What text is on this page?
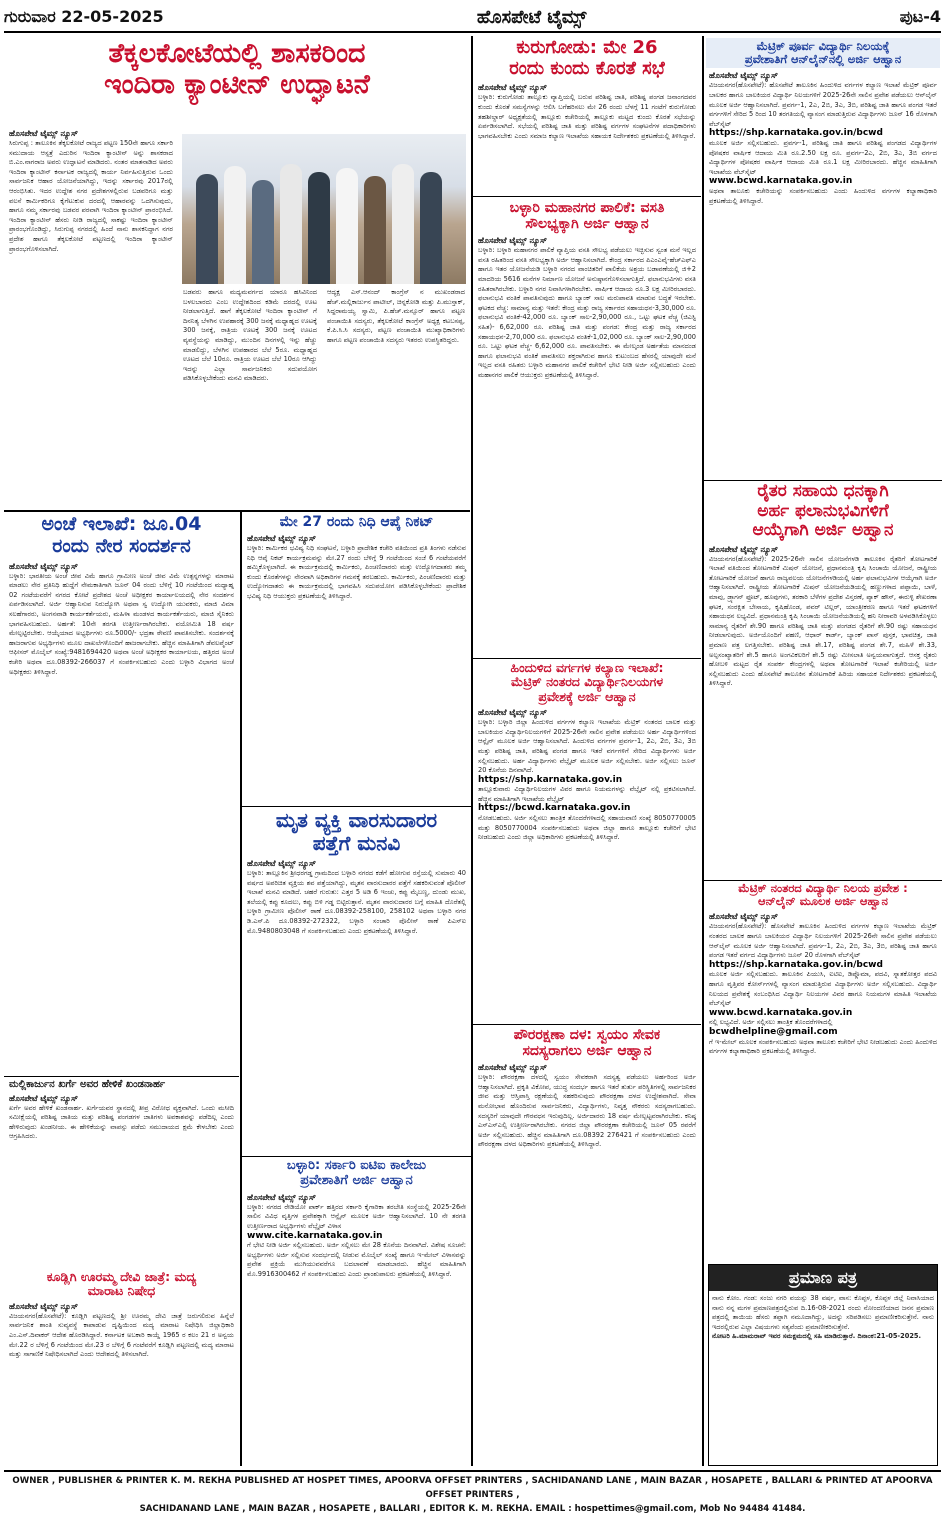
ಗುರುವಾರ 22-05-2025	ಹೊಸಪೇಟೆ ಟೈಮ್ಸ್	ಪುಟ-4
ತೆಕ್ಕಲಕೋಟೆಯಲ್ಲಿ ಶಾಸಕರಿಂದ
ಇಂದಿರಾ ಕ್ಯಾಂಟೀನ್ ಉದ್ಘಾಟನೆ
ಹೊಸಪೇಟೆ ಟೈಮ್ಸ್ ನ್ಯೂಸ್
ಸಿರುಗುಪ್ಪ : ತಾಲೂಕಿನ ತೆಕ್ಕಲಕೋಟೆ ರಾಜ್ಯದ ಪಟ್ಟಣ 150ನೇ ಹಾಗೂ ಸರ್ಕಾರಿ ಸಮುದಾಯ ಆಸ್ಪತ್ರೆ ಎದುರಿನ ಇಂದಿರಾ ಕ್ಯಾಂಟೀನ್ ಅನ್ನು ಶಾಸಕರಾದ ಬಿ.ಎಂ.ನಾಗರಾಜ ಅವರು ಉದ್ಘಾಟನೆ ಮಾಡಿದರು. ನಂತರ ಮಾತನಾಡಿದ ಅವರು ಇಂದಿರಾ ಕ್ಯಾಂಟೀನ್ ಕರ್ನಾಟಕ ರಾಜ್ಯದಲ್ಲಿ ಕಾರ್ಯ ನಿರ್ವಹಿಸುತ್ತಿರುವ ಒಂದು ಸಾರ್ವಜನಿಕ ಆಹಾರ ಯೋಜನೆಯಾಗಿದ್ದು, ಇದನ್ನು ಸರ್ಕಾರವು 2017ರಲ್ಲಿ ಆರಂಭಿಸಿತು. ಇದರ ಉದ್ದೇಶ ನಗರ ಪ್ರದೇಶಗಳಲ್ಲಿರುವ ಬಡವರಿಗೂ ಮತ್ತು ವಲಸೆ ಕಾರ್ಮಿಕರಿಗೂ ಕೈಗೆಟುಕುವ ದರದಲ್ಲಿ ಆಹಾರವನ್ನು ಒದಗಿಸುವುದು, ಹಾಗೂ ನಮ್ಮ ಸರ್ಕಾರವು ಬಡವರ ಪರವಾಗಿ ಇಂದಿರಾ ಕ್ಯಾಂಟೀನ್ ಪ್ರಾರಂಭಿಸಿದೆ. ಇಂದಿರಾ ಕ್ಯಾಂಟೀನ್ ಹೆಸರು ನೀಡಿ ರಾಜ್ಯದಲ್ಲಿ ಸಾಕಷ್ಟು ಇಂದಿರಾ ಕ್ಯಾಂಟೀನ್ ಪ್ರಾರಂಭಗೊಂಡಿದ್ದು, ಸಿರುಗುಪ್ಪ ನಗರದಲ್ಲಿ ಹಿಂದೆ ನಾನು ಶಾಸಕನಿದ್ದಾಗ ನಗರ ಪ್ರದೇಶ ಹಾಗೂ ತೆಕ್ಕಲಕೋಟೆ ಪಟ್ಟಣದಲ್ಲಿ ಇಂದಿರಾ ಕ್ಯಾಂಟೀನ್ ಪ್ರಾರಂಭಗೊಳಿಸಲಾಗಿದೆ.
ಬಡವರು ಹಾಗೂ ಮಧ್ಯಮವರ್ಗದ ಯಾರೂ ಹಸಿವಿನಿಂದ ಬಳಲಬಾರದು ಎಂಬ ಉದ್ದೇಶದಿಂದ ಕಡಿಮೆ ದರದಲ್ಲಿ ಊಟ ನೀಡಲಾಗುತ್ತಿದೆ. ಹಾಗೆ ತೆಕ್ಕಲಕೋಟೆ ಇಂದಿರಾ ಕ್ಯಾಂಟೀನ್ ಗೆ ದಿನನಿತ್ಯ ಬೆಳಗಿನ ಉಪಹಾರಕ್ಕೆ 300 ಜನಕ್ಕೆ ಮಧ್ಯಾಹ್ನದ ಊಟಕ್ಕೆ 300 ಜನಕ್ಕೆ, ರಾತ್ರಿಯ ಊಟಕ್ಕೆ 300 ಜನಕ್ಕೆ ಊಟದ ವ್ಯವಸ್ಥೆಯನ್ನು ಮಾಡಿದ್ದು, ಮುಂದಿನ ದಿನಗಳಲ್ಲಿ ಇನ್ನು ಹೆಚ್ಚು ಮಾಡಲಿದ್ದು, ಬೆಳಗಿನ ಉಪಹಾರದ ಬೆಲೆ 5ರೂ. ಮಧ್ಯಾಹ್ನದ ಊಟದ ಬೆಲೆ 10ರೂ. ರಾತ್ರಿಯ ಊಟದ ಬೆಲೆ 10ರೂ ಆಗಿದ್ದು ಇದನ್ನು ಎಲ್ಲಾ ಸಾರ್ವಜನಿಕರು ಸದುಪಯೋಗ ಪಡಿಸಿಕೊಳ್ಳಬೇಕೆಂದು ಮನವಿ ಮಾಡಿದರು.
ಆದ್ಯಕ್ಷ ಎಸ್.ಆನಂದ್ ಕಾಂಗ್ರೆಸ್ ನ ಮುಖಂಡರಾದ ಹೆಚ್.ಮಲ್ಲಿಕಾರ್ಜುನ ಪಾಟೀಲ್, ಚಿನ್ನಕೋಡಿ ಮತ್ತು ಪಿ.ಮುಸ್ತಾಕ್, ಸಿದ್ದರಾಮಯ್ಯ ಸ್ವಾಮಿ, ಪಿ.ಹೆಚ್.ಮನ್ಸೂರ್ ಹಾಗೂ ಪಟ್ಟಣ ಪಂಚಾಯಿತಿ ಸದಸ್ಯರು, ತೆಕ್ಕಲಕೋಟೆ ಕಾಂಗ್ರೆಸ್ ಅಧ್ಯಕ್ಷ ಕಟಬಸಪ್ಪ, ಕೆ.ಪಿ.ಸಿ.ಸಿ ಸದಸ್ಯರು, ಪಟ್ಟಣ ಪಂಚಾಯಿತಿ ಮುಖ್ಯಾಧಿಕಾರಿಗಳು ಹಾಗೂ ಪಟ್ಟಣ ಪಂಚಾಯಿತಿ ಸದಸ್ಯರು ಇತರರು ಉಪಸ್ಥಿತರಿದ್ದರು.
ಕುರುಗೋಡು: ಮೇ 26
ರಂದು ಕುಂದು ಕೊರತೆ ಸಭೆ
ಹೊಸಪೇಟೆ ಟೈಮ್ಸ್ ನ್ಯೂಸ್
ಬಳ್ಳಾರಿ: ಕುರುಗೋಡು ತಾಲ್ಲೂಕು ವ್ಯಾಪ್ತಿಯಲ್ಲಿ ಬರುವ ಪರಿಶಿಷ್ಟ ಜಾತಿ, ಪರಿಶಿಷ್ಟ ಪಂಗಡ ಜನಾಂಗದವರ ಕುಂದು ಕೊರತೆ ಸಮಸ್ಯೆಗಳನ್ನು ಆಲಿಸಿ ಬಗೆಹರಿಸಲು ಮೇ 26 ರಂದು ಬೆಳಗ್ಗೆ 11 ಗಂಟೆಗೆ ಕುರುಗೋಡು ತಹಶೀಲ್ದಾರ್ ಅಧ್ಯಕ್ಷತೆಯಲ್ಲಿ ತಾಲ್ಲೂಕು ಕಚೇರಿಯಲ್ಲಿ ತಾಲ್ಲೂಕು ಮಟ್ಟದ ಕುಂದು ಕೊರತೆ ಸಭೆಯನ್ನು ಏರ್ಪಡಿಸಲಾಗಿದೆ. ಸಭೆಯಲ್ಲಿ ಪರಿಶಿಷ್ಟ ಜಾತಿ ಮತ್ತು ಪರಿಶಿಷ್ಟ ವರ್ಗಗಳ ಸಂಘಟನೆಗಳ ಪದಾಧಿಕಾರಿಗಳು ಭಾಗವಹಿಸಬೇಕು ಎಂದು ಸಮಾಜ ಕಲ್ಯಾಣ ಇಲಾಖೆಯ ಸಹಾಯಕ ನಿರ್ದೇಶಕರು ಪ್ರಕಟಣೆಯಲ್ಲಿ ತಿಳಿಸಿದ್ದಾರೆ.
ಬಳ್ಳಾರಿ ಮಹಾನಗರ ಪಾಲಿಕೆ: ವಸತಿ
ಸೌಲಭ್ಯಕ್ಕಾಗಿ ಅರ್ಜಿ ಆಹ್ವಾನ
ಹೊಸಪೇಟೆ ಟೈಮ್ಸ್ ನ್ಯೂಸ್
ಬಳ್ಳಾರಿ: ಬಳ್ಳಾರಿ ಮಹಾನಗರ ಪಾಲಿಕೆ ವ್ಯಾಪ್ತಿಯ ವಸತಿ ಸೌಲಭ್ಯ ಪಡೆಯಲು ಇಚ್ಛಿಸುವ ಸ್ವಂತ ಮನೆ ಇಲ್ಲದ ವಸತಿ ರಹಿತರಿಂದ ವಸತಿ ಸೌಲಭ್ಯಕ್ಕಾಗಿ ಅರ್ಜಿ ಆಹ್ವಾನಿಸಲಾಗಿದೆ. ಕೇಂದ್ರ ಸರ್ಕಾರದ ಪಿಎಂಎವೈ-ಹೆಚ್ಎಫ್ಎ ಹಾಗೂ ಇತರ ಯೋಜನೆಯಡಿ ಬಳ್ಳಾರಿ ನಗರದ ವಾಂಚಿತರಿಗೆ ಪಾಲಿಕೆಯ ಅಶ್ರಯ ಬಡಾವಣೆಯಲ್ಲಿ ಜಿ+2 ಮಾದರಿಯ 5616 ಮನೆಗಳ ನಿರ್ಮಾಣ ಯೋಜನೆ ಅನುಷ್ಠಾನಗೊಳಿಸಲಾಗುತ್ತಿದೆ. ಫಲಾನುಭವಿಗಳು ವಸತಿ ರಹಿತರಾಗಿರಬೇಕು. ಬಳ್ಳಾರಿ ನಗರ ನಿವಾಸಿಗಳಾಗಿರಬೇಕು. ವಾರ್ಷಿಕ ಆದಾಯ ರೂ.3 ಲಕ್ಷ ಮೀರಿರಬಾರದು. ಫಲಾನುಭವಿ ವಂತಿಕೆ ಪಾವತಿಸುವುದು ಹಾಗೂ ಬ್ಯಾಂಕ್ ಸಾಲ ಮರುಪಾವತಿ ಮಾಡುವ ಬದ್ಧತೆ ಇರಬೇಕು. ಘಟಕದ ವೆಚ್ಚ: ಸಾಮಾನ್ಯ ಮತ್ತು ಇತರೆ: ಕೇಂದ್ರ ಮತ್ತು ರಾಜ್ಯ ಸರ್ಕಾರದ ಸಹಾಯಧನ-3,30,000 ರೂ. ಫಲಾನುಭವಿ ವಂತಿಕೆ-42,000 ರೂ. ಬ್ಯಾಂಕ್ ಸಾಲ-2,90,000 ರೂ., ಒಟ್ಟು ಘಟಕ ವೆಚ್ಚ (ಜಿಎಸ್ಟಿ ಸಹಿತ)- 6,62,000 ರೂ. ಪರಿಶಿಷ್ಟ ಜಾತಿ ಮತ್ತು ಪಂಗಡ: ಕೇಂದ್ರ ಮತ್ತು ರಾಜ್ಯ ಸರ್ಕಾರದ ಸಹಾಯಧನ-2,70,000 ರೂ. ಫಲಾನುಭವಿ ವಂತಿಕೆ-1,02,000 ರೂ. ಬ್ಯಾಂಕ್ ಸಾಲ-2,90,000 ರೂ. ಒಟ್ಟು ಘಟಕ ವೆಚ್ಚ- 6,62,000 ರೂ. ಪಾವತಿಸಬೇಕು. ಈ ಮೇಲ್ಕಂಡ ಅರ್ಹತೆಯ ಮಾನದಂಡ ಹಾಗೂ ಫಲಾನುಭವಿ ವಂತಿಕೆ ಪಾವತಿಸಲು ಶಕ್ತರಾಗಿರುವ ಹಾಗೂ ಕುಟುಂಬದ ಹೆಸರಲ್ಲಿ ಯಾವುದೇ ಮನೆ ಇಲ್ಲದ ವಸತಿ ರಹಿತರು ಬಳ್ಳಾರಿ ಮಹಾನಗರ ಪಾಲಿಕೆ ಕಚೇರಿಗೆ ಭೇಟಿ ನೀಡಿ ಅರ್ಜಿ ಸಲ್ಲಿಸಬಹುದು ಎಂದು ಮಹಾನಗರ ಪಾಲಿಕೆ ಆಯುಕ್ತರು ಪ್ರಕಟಣೆಯಲ್ಲಿ ತಿಳಿಸಿದ್ದಾರೆ.
ಹಿಂದುಳಿದ ವರ್ಗಗಳ ಕಲ್ಯಾಣ ಇಲಾಖೆ:
ಮೆಟ್ರಿಕ್ ನಂತರದ ವಿದ್ಯಾರ್ಥಿನಿಲಯಗಳ
ಪ್ರವೇಶಕ್ಕೆ ಅರ್ಜಿ ಆಹ್ವಾನ
ಹೊಸಪೇಟೆ ಟೈಮ್ಸ್ ನ್ಯೂಸ್
ಬಳ್ಳಾರಿ: ಬಳ್ಳಾರಿ ಜಿಲ್ಲಾ ಹಿಂದುಳಿದ ವರ್ಗಗಳ ಕಲ್ಯಾಣ ಇಲಾಖೆಯ ಮೆಟ್ರಿಕ್ ನಂತರದ ಬಾಲಕ ಮತ್ತು ಬಾಲಕಿಯರ ವಿದ್ಯಾರ್ಥಿನಿಲಯಗಳಿಗೆ 2025-26ನೇ ಸಾಲಿನ ಪ್ರವೇಶ ಪಡೆಯಲು ಅರ್ಹ ವಿದ್ಯಾರ್ಥಿಗಳಿಂದ ಆನ್ಲೈನ್ ಮೂಲಕ ಅರ್ಜಿ ಆಹ್ವಾನಿಸಲಾಗಿದೆ. ಹಿಂದುಳಿದ ವರ್ಗಗಳ ಪ್ರವರ್ಗ-1, 2ಎ, 2ಬಿ, 3ಎ, 3ಬಿ ಮತ್ತು ಪರಿಶಿಷ್ಟ ಜಾತಿ, ಪರಿಶಿಷ್ಟ ಪಂಗಡ ಹಾಗೂ ಇತರೆ ವರ್ಗಗಳಿಗೆ ಸೇರಿದ ವಿದ್ಯಾರ್ಥಿಗಳು ಅರ್ಜಿ ಸಲ್ಲಿಸಬಹುದು. ಅರ್ಹ ವಿದ್ಯಾರ್ಥಿಗಳು ವೆಬ್ಸೈಟ್ ಮೂಲಕ ಅರ್ಜಿ ಸಲ್ಲಿಸಬೇಕು. ಅರ್ಜಿ ಸಲ್ಲಿಸಲು ಜೂನ್ 20 ಕೊನೆಯ ದಿನವಾಗಿದೆ.
https://shp.karnataka.gov.in
ತಾಲ್ಲೂಕುವಾರು ವಿದ್ಯಾರ್ಥಿನಿಲಯಗಳ ವಿವರ ಹಾಗೂ ನಿಯಮಗಳನ್ನು ವೆಬ್ಸೈಟ್ ನಲ್ಲಿ ಪ್ರಕಟಿಸಲಾಗಿದೆ. ಹೆಚ್ಚಿನ ಮಾಹಿತಿಗಾಗಿ ಇಲಾಖೆಯ ವೆಬ್ಸೈಟ್
https://bcwd.karnataka.gov.in
ನೋಡಬಹುದು. ಅರ್ಜಿ ಸಲ್ಲಿಸಲು ತಾಂತ್ರಿಕ ತೊಂದರೆಗಳಾದಲ್ಲಿ ಸಹಾಯವಾಣಿ ಸಂಖ್ಯೆ 8050770005 ಮತ್ತು 8050770004 ಸಂಪರ್ಕಿಸಬಹುದು ಅಥವಾ ಜಿಲ್ಲಾ ಹಾಗೂ ತಾಲ್ಲೂಕು ಕಚೇರಿಗೆ ಭೇಟಿ ನೀಡಬಹುದು ಎಂದು ಜಿಲ್ಲಾ ಅಧಿಕಾರಿಗಳು ಪ್ರಕಟಣೆಯಲ್ಲಿ ತಿಳಿಸಿದ್ದಾರೆ.
ಪೌರರಕ್ಷಣಾ ದಳ: ಸ್ವಯಂ ಸೇವಕ
ಸದಸ್ಯರಾಗಲು ಅರ್ಜಿ ಆಹ್ವಾನ
ಹೊಸಪೇಟೆ ಟೈಮ್ಸ್ ನ್ಯೂಸ್
ಬಳ್ಳಾರಿ: ಪೌರರಕ್ಷಣಾ ದಳದಲ್ಲಿ ಸ್ವಯಂ ಸೇವಕರಾಗಿ ಸದಸ್ಯತ್ವ ಪಡೆಯಲು ಅರ್ಹರಿಂದ ಅರ್ಜಿ ಆಹ್ವಾನಿಸಲಾಗಿದೆ. ಪ್ರಕೃತಿ ವಿಕೋಪ, ಯುದ್ಧ ಸಂದರ್ಭ ಹಾಗೂ ಇತರೆ ತುರ್ತು ಪರಿಸ್ಥಿತಿಗಳಲ್ಲಿ ಸಾರ್ವಜನಿಕರ ಜೀವ ಮತ್ತು ಆಸ್ತಿಪಾಸ್ತಿ ರಕ್ಷಣೆಯಲ್ಲಿ ಸಹಕರಿಸುವುದು ಪೌರರಕ್ಷಣಾ ದಳದ ಉದ್ದೇಶವಾಗಿದೆ. ಸೇವಾ ಮನೋಭಾವ ಹೊಂದಿರುವ ಸಾರ್ವಜನಿಕರು, ವಿದ್ಯಾರ್ಥಿಗಳು, ನಿವೃತ್ತ ನೌಕರರು ಸದಸ್ಯರಾಗಬಹುದು. ಸದಸ್ಯರಿಗೆ ಯಾವುದೇ ಗೌರವಧನ ಇರುವುದಿಲ್ಲ. ಅರ್ಜಿದಾರರು 18 ವರ್ಷ ಮೇಲ್ಪಟ್ಟವರಾಗಿರಬೇಕು. ಕನಿಷ್ಠ ಎಸ್ಎಸ್ಎಲ್ಸಿ ಉತ್ತೀರ್ಣರಾಗಿರಬೇಕು. ನಗರದ ಜಿಲ್ಲಾ ಪೌರರಕ್ಷಣಾ ಕಚೇರಿಯಲ್ಲಿ ಜೂನ್ 05 ರವರೆಗೆ ಅರ್ಜಿ ಸಲ್ಲಿಸಬಹುದು. ಹೆಚ್ಚಿನ ಮಾಹಿತಿಗಾಗಿ ದೂ.08392 276421 ಗೆ ಸಂಪರ್ಕಿಸಬಹುದು ಎಂದು ಪೌರರಕ್ಷಣಾ ದಳದ ಅಧಿಕಾರಿಗಳು ಪ್ರಕಟಣೆಯಲ್ಲಿ ತಿಳಿಸಿದ್ದಾರೆ.
ಅಂಚೆ ಇಲಾಖೆ: ಜೂ.04
ರಂದು ನೇರ ಸಂದರ್ಶನ
ಹೊಸಪೇಟೆ ಟೈಮ್ಸ್ ನ್ಯೂಸ್
ಬಳ್ಳಾರಿ: ಭಾರತೀಯ ಅಂಚೆ ಜೀವ ವಿಮೆ ಹಾಗೂ ಗ್ರಾಮೀಣ ಅಂಚೆ ಜೀವ ವಿಮೆ ಉತ್ಪನ್ನಗಳನ್ನು ಮಾರಾಟ ಮಾಡಲು ನೇರ ಪ್ರತಿನಿಧಿ ಹುದ್ದೆಗೆ ನೇಮಕಾತಿಗಾಗಿ ಜೂನ್ 04 ರಂದು ಬೆಳಿಗ್ಗೆ 10 ಗಂಟೆಯಿಂದ ಮಧ್ಯಾಹ್ನ 02 ಗಂಟೆಯವರೆಗೆ ನಗರದ ಕೋಟೆ ಪ್ರದೇಶದ ಅಂಚೆ ಅಧೀಕ್ಷಕರ ಕಾರ್ಯಾಲಯದಲ್ಲಿ ನೇರ ಸಂದರ್ಶನ ಏರ್ಪಡಿಸಲಾಗಿದೆ. ಅರ್ಜಿ ಆಹ್ವಾನಿಸುವ ನಿರುದ್ಯೋಗಿ ಅಥವಾ ಸ್ವ ಉದ್ಯೋಗಿ ಯುವಕರು, ಮಾಜಿ ವಿಮಾ ಸಲಹೆಗಾರರು, ಅಂಗನವಾಡಿ ಕಾರ್ಯಕರ್ತೆಯರು, ಮಹಿಳಾ ಮಂಡಳದ ಕಾರ್ಯಕರ್ತೆಯರು, ಮಾಜಿ ಸೈನಿಕರು ಭಾಗವಹಿಸಬಹುದು. ಅರ್ಹತೆ: 10ನೇ ತರಗತಿ ಉತ್ತೀರ್ಣರಾಗಿರಬೇಕು. ವಯೋಮಿತಿ 18 ವರ್ಷ ಮೇಲ್ಪಟ್ಟಿರಬೇಕು. ಆಯ್ಕೆಯಾದ ಅಭ್ಯರ್ಥಿಗಳು ರೂ.5000/- ಭದ್ರತಾ ಠೇವಣಿ ಪಾವತಿಸಬೇಕು. ಸಂದರ್ಶನಕ್ಕೆ ಹಾಜರಾಗುವ ಅಭ್ಯರ್ಥಿಗಳು ಮೂಲ ದಾಖಲೆಗಳೊಂದಿಗೆ ಹಾಜರಾಗಬೇಕು. ಹೆಚ್ಚಿನ ಮಾಹಿತಿಗಾಗಿ ಡೆವಲಪ್ಮೆಂಟ್ ಆಫೀಸರ್ ಮೊಬೈಲ್ ಸಂಖ್ಯೆ:9481694420 ಅಥವಾ ಅಂಚೆ ಅಧೀಕ್ಷಕರ ಕಾರ್ಯಾಲಯ, ಹತ್ತಿರದ ಅಂಚೆ ಕಚೇರಿ ಅಥವಾ ದೂ.08392-266037 ಗೆ ಸಂಪರ್ಕಿಸಬಹುದು ಎಂದು ಬಳ್ಳಾರಿ ವಿಭಾಗದ ಅಂಚೆ ಅಧೀಕ್ಷಕರು ತಿಳಿಸಿದ್ದಾರೆ.
ಮಲ್ಲಿಕಾರ್ಜುನ ಖರ್ಗೆ ಅವರ ಹೇಳಿಕೆ ಖಂಡನಾರ್ಹ
ಹೊಸಪೇಟೆ ಟೈಮ್ಸ್ ನ್ಯೂಸ್
ಖರ್ಗೆ ಅವರ ಹೇಳಿಕೆ ಖಂಡನಾರ್ಹ. ಖರ್ಗೆಯವರ ಸ್ಥಾನದಲ್ಲಿ ತೀವ್ರ ವಿರೋಧ ವ್ಯಕ್ತವಾಗಿದೆ. ಒಂದು ಮಸೀದಿ ಸಮೀಕ್ಷೆಯಲ್ಲಿ ಪರಿಶಿಷ್ಟ ಜಾತಿಯ ಮತ್ತು ಪರಿಶಿಷ್ಟ ಪಂಗಡಗಳ ಜಾತಿಗಳು ಅವಕಾಶವನ್ನು ಪಡೆದಿಲ್ಲ ಎಂದು ಹೇಳಿರುವುದು ಖಂಡನೀಯ. ಈ ಹೇಳಿಕೆಯನ್ನು ವಾಪಸ್ಸು ಪಡೆದು ಸಮುದಾಯದ ಕ್ಷಮೆ ಕೇಳಬೇಕು ಎಂದು ಆಗ್ರಹಿಸಿದರು.
ಕೂಡ್ಲಿಗಿ ಊರಮ್ಮ ದೇವಿ ಜಾತ್ರೆ: ಮದ್ಯ
ಮಾರಾಟ ನಿಷೇಧ
ಹೊಸಪೇಟೆ ಟೈಮ್ಸ್ ನ್ಯೂಸ್
ವಿಜಯನಗರ(ಹೊಸಪೇಟೆ): ಕೂಡ್ಲಿಗಿ ಪಟ್ಟಣದಲ್ಲಿ ಶ್ರೀ ಊರಮ್ಮ ದೇವಿ ಜಾತ್ರೆ ಜರುಗಲಿರುವ ಹಿನ್ನೆಲೆ ಸಾರ್ವಜನಿಕ ಶಾಂತಿ ಸುವ್ಯವಸ್ಥೆ ಕಾಪಾಡುವ ದೃಷ್ಟಿಯಿಂದ ಮದ್ಯ ಮಾರಾಟ ನಿಷೇಧಿಸಿ ಜಿಲ್ಲಾಧಿಕಾರಿ ಎಂ.ಎಸ್.ದಿವಾಕರ್ ಆದೇಶ ಹೊರಡಿಸಿದ್ದಾರೆ. ಕರ್ನಾಟಕ ಅಬಕಾರಿ ಕಾಯ್ದೆ 1965 ರ ಕಲಂ 21 ರ ಅನ್ವಯ ಮೇ.22 ರ ಬೆಳಿಗ್ಗೆ 6 ಗಂಟೆಯಿಂದ ಮೇ.23 ರ ಬೆಳಿಗ್ಗೆ 6 ಗಂಟೆವರೆಗೆ ಕೂಡ್ಲಿಗಿ ಪಟ್ಟಣದಲ್ಲಿ ಮದ್ಯ ಮಾರಾಟ ಮತ್ತು ಸಾಗಾಣಿಕೆ ನಿಷೇಧಿಸಲಾಗಿದೆ ಎಂದು ಆದೇಶದಲ್ಲಿ ತಿಳಿಸಲಾಗಿದೆ.
ಮೇ 27 ರಂದು ನಿಧಿ ಆಪ್ಕೆ ನಿಕಟ್
ಹೊಸಪೇಟೆ ಟೈಮ್ಸ್ ನ್ಯೂಸ್
ಬಳ್ಳಾರಿ: ಕಾರ್ಮಿಕರ ಭವಿಷ್ಯ ನಿಧಿ ಸಂಘಟನೆ, ಬಳ್ಳಾರಿ ಪ್ರಾದೇಶಿಕ ಕಚೇರಿ ವತಿಯಿಂದ ಪ್ರತಿ ತಿಂಗಳು ನಡೆಸುವ ನಿಧಿ ಆಪ್ಕೆ ನಿಕಟ್ ಕಾರ್ಯಕ್ರಮವನ್ನು ಮೇ.27 ರಂದು ಬೆಳಿಗ್ಗೆ 9 ಗಂಟೆಯಿಂದ ಸಂಜೆ 6 ಗಂಟೆಯವರೆಗೆ ಹಮ್ಮಿಕೊಳ್ಳಲಾಗಿದೆ. ಈ ಕಾರ್ಯಕ್ರಮದಲ್ಲಿ ಕಾರ್ಮಿಕರು, ಪಿಂಚಣಿದಾರರು ಮತ್ತು ಉದ್ಯೋಗದಾತರು ತಮ್ಮ ಕುಂದು ಕೊರತೆಗಳನ್ನು ನೇರವಾಗಿ ಅಧಿಕಾರಿಗಳ ಗಮನಕ್ಕೆ ತರಬಹುದು. ಕಾರ್ಮಿಕರು, ಪಿಂಚಣಿದಾರರು ಮತ್ತು ಉದ್ಯೋಗದಾತರು ಈ ಕಾರ್ಯಕ್ರಮದಲ್ಲಿ ಭಾಗವಹಿಸಿ ಸದುಪಯೋಗ ಪಡಿಸಿಕೊಳ್ಳಬೇಕೆಂದು ಪ್ರಾದೇಶಿಕ ಭವಿಷ್ಯ ನಿಧಿ ಆಯುಕ್ತರು ಪ್ರಕಟಣೆಯಲ್ಲಿ ತಿಳಿಸಿದ್ದಾರೆ.
ಮೃತ ವ್ಯಕ್ತಿ ವಾರಸುದಾರರ
ಪತ್ತೆಗೆ ಮನವಿ
ಹೊಸಪೇಟೆ ಟೈಮ್ಸ್ ನ್ಯೂಸ್
ಬಳ್ಳಾರಿ: ತಾಲ್ಲೂಕಿನ ಶ್ರೀಧರಗಡ್ಡ ಗ್ರಾಮದಿಂದ ಬಳ್ಳಾರಿ ನಗರದ ಕಡೆಗೆ ಹೋಗುವ ರಸ್ತೆಯಲ್ಲಿ ಸುಮಾರು 40 ವರ್ಷದ ಅಪರಿಚಿತ ವ್ಯಕ್ತಿಯ ಶವ ಪತ್ತೆಯಾಗಿದ್ದು, ಮೃತನ ವಾರಸುದಾರರ ಪತ್ತೆಗೆ ಸಹಕರಿಸುವಂತೆ ಪೊಲೀಸ್ ಇಲಾಖೆ ಮನವಿ ಮಾಡಿದೆ. ಚಹರೆ ಗುರುತು: ಎತ್ತರ 5 ಅಡಿ 6 ಇಂಚು, ಕಪ್ಪು ಮೈಬಣ್ಣ, ದುಂಡು ಮುಖ, ತಲೆಯಲ್ಲಿ ಕಪ್ಪು ಕೂದಲು, ಕಪ್ಪು ಬಿಳಿ ಗಡ್ಡ ಬಿಟ್ಟಿರುತ್ತಾನೆ. ಮೃತನ ವಾರಸುದಾರರ ಬಗ್ಗೆ ಮಾಹಿತಿ ದೊರೆತಲ್ಲಿ ಬಳ್ಳಾರಿ ಗ್ರಾಮೀಣ ಪೊಲೀಸ್ ಠಾಣೆ ದೂ.08392-258100, 258102 ಅಥವಾ ಬಳ್ಳಾರಿ ನಗರ ಡಿ.ಎಸ್.ಪಿ ದೂ.08392-272322, ಬಳ್ಳಾರಿ ಸಂಚಾರಿ ಪೊಲೀಸ್ ಠಾಣೆ ಪಿಎಸ್ಐ ಮೊ.9480803048 ಗೆ ಸಂಪರ್ಕಿಸಬಹುದು ಎಂದು ಪ್ರಕಟಣೆಯಲ್ಲಿ ತಿಳಿಸಿದ್ದಾರೆ.
ಬಳ್ಳಾರಿ: ಸರ್ಕಾರಿ ಐಟಿಐ ಕಾಲೇಜು
ಪ್ರವೇಶಾತಿಗೆ ಅರ್ಜಿ ಆಹ್ವಾನ
ಹೊಸಪೇಟೆ ಟೈಮ್ಸ್ ನ್ಯೂಸ್
ಬಳ್ಳಾರಿ: ನಗರದ ರೇಡಿಯೋ ಪಾರ್ಕ್ ಹತ್ತಿರದ ಸರ್ಕಾರಿ ಕೈಗಾರಿಕಾ ತರಬೇತಿ ಸಂಸ್ಥೆಯಲ್ಲಿ 2025-26ನೇ ಸಾಲಿನ ವಿವಿಧ ವೃತ್ತಿಗಳ ಪ್ರವೇಶಕ್ಕಾಗಿ ಆನ್ಲೈನ್ ಮೂಲಕ ಅರ್ಜಿ ಆಹ್ವಾನಿಸಲಾಗಿದೆ. 10 ನೇ ತರಗತಿ ಉತ್ತೀರ್ಣರಾದ ಅಭ್ಯರ್ಥಿಗಳು ವೆಬ್ಸೈಟ್ ವಿಳಾಸ
www.cite.karnataka.gov.in
ಗೆ ಭೇಟಿ ನೀಡಿ ಅರ್ಜಿ ಸಲ್ಲಿಸಬಹುದು. ಅರ್ಜಿ ಸಲ್ಲಿಸಲು ಮೇ 28 ಕೊನೆಯ ದಿನವಾಗಿದೆ. ವಿಶೇಷ ಸೂಚನೆ: ಅಭ್ಯರ್ಥಿಗಳು ಅರ್ಜಿ ಸಲ್ಲಿಸುವ ಸಂದರ್ಭದಲ್ಲಿ ನೀಡುವ ಮೊಬೈಲ್ ಸಂಖ್ಯೆ ಹಾಗೂ ಇ-ಮೇಲ್ ವಿಳಾಸವನ್ನು ಪ್ರವೇಶ ಪ್ರಕ್ರಿಯೆ ಮುಗಿಯುವವರೆಗೂ ಬದಲಾವಣೆ ಮಾಡಬಾರದು. ಹೆಚ್ಚಿನ ಮಾಹಿತಿಗಾಗಿ ಮೊ.9916300462 ಗೆ ಸಂಪರ್ಕಿಸಬಹುದು ಎಂದು ಪ್ರಾಂಶುಪಾಲರು ಪ್ರಕಟಣೆಯಲ್ಲಿ ತಿಳಿಸಿದ್ದಾರೆ.
ಮೆಟ್ರಿಕ್ ಪೂರ್ವ ವಿದ್ಯಾರ್ಥಿ ನಿಲಯಕ್ಕೆ
ಪ್ರವೇಶಾತಿಗೆ ಆನ್‌ಲೈನ್‌ನಲ್ಲಿ ಅರ್ಜಿ ಆಹ್ವಾನ
ಹೊಸಪೇಟೆ ಟೈಮ್ಸ್ ನ್ಯೂಸ್
ವಿಜಯನಗರ(ಹೊಸಪೇಟೆ): ಹೊಸಪೇಟೆ ತಾಲೂಕಿನ ಹಿಂದುಳಿದ ವರ್ಗಗಳ ಕಲ್ಯಾಣ ಇಲಾಖೆ ಮೆಟ್ರಿಕ್ ಪೂರ್ವ ಬಾಲಕರ ಹಾಗೂ ಬಾಲಕಿಯರ ವಿದ್ಯಾರ್ಥಿ ನಿಲಯಗಳಿಗೆ 2025-26ನೇ ಸಾಲಿನ ಪ್ರವೇಶ ಪಡೆಯಲು ಆನ್‌ಲೈನ್ ಮೂಲಕ ಅರ್ಜಿ ಆಹ್ವಾನಿಸಲಾಗಿದೆ. ಪ್ರವರ್ಗ-1, 2ಎ, 2ಬಿ, 3ಎ, 3ಬಿ, ಪರಿಶಿಷ್ಟ ಜಾತಿ ಹಾಗೂ ಪಂಗಡ ಇತರೆ ವರ್ಗಗಳಿಗೆ ಸೇರಿದ 5 ರಿಂದ 10 ತರಗತಿಯಲ್ಲಿ ವ್ಯಾಸಂಗ ಮಾಡುತ್ತಿರುವ ವಿದ್ಯಾರ್ಥಿಗಳು ಜೂನ್ 16 ರೊಳಗಾಗಿ ವೆಬ್‌ಸೈಟ್
https://shp.karnataka.gov.in/bcwd
ಮೂಲಕ ಅರ್ಜಿ ಸಲ್ಲಿಸಬಹುದು. ಪ್ರವರ್ಗ-1, ಪರಿಶಿಷ್ಟ ಜಾತಿ ಹಾಗೂ ಪರಿಶಿಷ್ಟ ಪಂಗಡದ ವಿದ್ಯಾರ್ಥಿಗಳ ಪೋಷಕರ ವಾರ್ಷಿಕ ಆದಾಯ ಮಿತಿ ರೂ.2.50 ಲಕ್ಷ ರೂ. ಪ್ರವರ್ಗ-2ಎ, 2ಬಿ, 3ಎ, 3ಬಿ ವರ್ಗದ ವಿದ್ಯಾರ್ಥಿಗಳ ಪೋಷಕರ ವಾರ್ಷಿಕ ಆದಾಯ ಮಿತಿ ರೂ.1 ಲಕ್ಷ ಮೀರಿರಬಾರದು. ಹೆಚ್ಚಿನ ಮಾಹಿತಿಗಾಗಿ ಇಲಾಖೆಯ ವೆಬ್‌ಸೈಟ್
www.bcwd.karnataka.gov.in
ಅಥವಾ ತಾಲೂಕು ಕಚೇರಿಯನ್ನು ಸಂಪರ್ಕಿಸಬಹುದು ಎಂದು ಹಿಂದುಳಿದ ವರ್ಗಗಳ ಕಲ್ಯಾಣಾಧಿಕಾರಿ ಪ್ರಕಟಣೆಯಲ್ಲಿ ತಿಳಿಸಿದ್ದಾರೆ.
ರೈತರ ಸಹಾಯ ಧನಕ್ಕಾಗಿ
ಅರ್ಹ ಫಲಾನುಭವಿಗಳಿಗೆ
ಆಯ್ಕೆಗಾಗಿ ಅರ್ಜಿ ಅಹ್ವಾನ
ಹೊಸಪೇಟೆ ಟೈಮ್ಸ್ ನ್ಯೂಸ್
ವಿಜಯನಗರ(ಹೊಸಪೇಟೆ): 2025-26ನೇ ಸಾಲಿನ ಯೋಜನೆಗಳಡಿ ತಾಲೂಕಿನ ರೈತರಿಗೆ ತೋಟಗಾರಿಕೆ ಇಲಾಖೆ ವತಿಯಿಂದ ತೋಟಗಾರಿಕೆ ಮಿಷನ್ ಯೋಜನೆ, ಪ್ರಧಾನಮಂತ್ರಿ ಕೃಷಿ ಸಿಂಚಾಯಿ ಯೋಜನೆ, ರಾಷ್ಟ್ರೀಯ ತೋಟಗಾರಿಕೆ ಯೋಜನೆ ಹಾಗೂ ರಾಜ್ಯವಲಯ ಯೋಜನೆಗಳಡಿಯಲ್ಲಿ ಅರ್ಹ ಫಲಾನುಭವಿಗಳ ಆಯ್ಕೆಗಾಗಿ ಅರ್ಜಿ ಆಹ್ವಾನಿಸಲಾಗಿದೆ. ರಾಷ್ಟ್ರೀಯ ತೋಟಗಾರಿಕೆ ಮಿಷನ್ ಯೋಜನೆಯಡಿಯಲ್ಲಿ ಹಣ್ಣುಗಳಾದ ಪಪ್ಪಾಯಿ, ಬಾಳೆ, ಮಾವು, ಡ್ರ್ಯಾಗನ್ ಫ್ರೂಟ್, ಹೂವುಗಳು, ತರಕಾರಿ ಬೆಳೆಗಳ ಪ್ರದೇಶ ವಿಸ್ತರಣೆ, ಪ್ಯಾಕ್ ಹೌಸ್, ಈರುಳ್ಳಿ ಶೇಖರಣಾ ಘಟಕ, ಸಂರಕ್ಷಿತ ಬೇಸಾಯ, ಕೃಷಿಹೊಂಡ, ಪವರ್ ಟಿಲ್ಲರ್, ಯಾಂತ್ರೀಕರಣ ಹಾಗೂ ಇತರೆ ಘಟಕಗಳಿಗೆ ಸಹಾಯಧನ ಲಭ್ಯವಿದೆ. ಪ್ರಧಾನಮಂತ್ರಿ ಕೃಷಿ ಸಿಂಚಾಯಿ ಯೋಜನೆಯಡಿಯಲ್ಲಿ ಹನಿ ನೀರಾವರಿ ಅಳವಡಿಸಿಕೊಳ್ಳಲು ಸಾಮಾನ್ಯ ರೈತರಿಗೆ ಶೇ.90 ಹಾಗೂ ಪರಿಶಿಷ್ಟ ಜಾತಿ ಮತ್ತು ಪಂಗಡದ ರೈತರಿಗೆ ಶೇ.90 ರಷ್ಟು ಸಹಾಯಧನ ನೀಡಲಾಗುವುದು. ಅರ್ಜಿಯೊಂದಿಗೆ ಪಹಣಿ, ಆಧಾರ್ ಕಾರ್ಡ್, ಬ್ಯಾಂಕ್ ಪಾಸ್ ಪುಸ್ತಕ, ಭಾವಚಿತ್ರ, ಜಾತಿ ಪ್ರಮಾಣ ಪತ್ರ ಲಗತ್ತಿಸಬೇಕು. ಪರಿಶಿಷ್ಟ ಜಾತಿ ಶೇ.17, ಪರಿಶಿಷ್ಟ ಪಂಗಡ ಶೇ.7, ಮಹಿಳೆ ಶೇ.33, ಅಲ್ಪಸಂಖ್ಯಾತರಿಗೆ ಶೇ.5 ಹಾಗೂ ಅಂಗವಿಕಲರಿಗೆ ಶೇ.5 ರಷ್ಟು ಮೀಸಲಾತಿ ಅನ್ವಯವಾಗುತ್ತದೆ. ಆಸಕ್ತ ರೈತರು ಹೋಬಳಿ ಮಟ್ಟದ ರೈತ ಸಂಪರ್ಕ ಕೇಂದ್ರಗಳಲ್ಲಿ ಅಥವಾ ತೋಟಗಾರಿಕೆ ಇಲಾಖೆ ಕಚೇರಿಯಲ್ಲಿ ಅರ್ಜಿ ಸಲ್ಲಿಸಬಹುದು ಎಂದು ಹೊಸಪೇಟೆ ತಾಲೂಕಿನ ತೋಟಗಾರಿಕೆ ಹಿರಿಯ ಸಹಾಯಕ ನಿರ್ದೇಶಕರು ಪ್ರಕಟಣೆಯಲ್ಲಿ ತಿಳಿಸಿದ್ದಾರೆ.
ಮೆಟ್ರಿಕ್ ನಂತರದ ವಿದ್ಯಾರ್ಥಿ ನಿಲಯ ಪ್ರವೇಶ :
ಆನ್‌ಲೈನ್ ಮೂಲಕ ಅರ್ಜಿ ಆಹ್ವಾನ
ಹೊಸಪೇಟೆ ಟೈಮ್ಸ್ ನ್ಯೂಸ್
ವಿಜಯನಗರ(ಹೊಸಪೇಟೆ): ಹೊಸಪೇಟೆ ತಾಲೂಕಿನ ಹಿಂದುಳಿದ ವರ್ಗಗಳ ಕಲ್ಯಾಣ ಇಲಾಖೆಯ ಮೆಟ್ರಿಕ್ ನಂತರದ ಬಾಲಕ ಹಾಗೂ ಬಾಲಕಿಯರ ವಿದ್ಯಾರ್ಥಿ ನಿಲಯಗಳಿಗೆ 2025-26ನೇ ಸಾಲಿನ ಪ್ರವೇಶ ಪಡೆಯಲು ಆನ್‌ಲೈನ್ ಮೂಲಕ ಅರ್ಜಿ ಆಹ್ವಾನಿಸಲಾಗಿದೆ. ಪ್ರವರ್ಗ-1, 2ಎ, 2ಬಿ, 3ಎ, 3ಬಿ, ಪರಿಶಿಷ್ಟ ಜಾತಿ ಹಾಗೂ ಪಂಗಡ ಇತರೆ ವರ್ಗದ ವಿದ್ಯಾರ್ಥಿಗಳು ಜೂನ್ 20 ರೊಳಗಾಗಿ ವೆಬ್‌ಸೈಟ್
https://shp.karnataka.gov.in/bcwd
ಮೂಲಕ ಅರ್ಜಿ ಸಲ್ಲಿಸಬಹುದು. ತಾಲೂಕಿನ ಪಿಯುಸಿ, ಐಟಿಐ, ಡಿಪ್ಲೊಮಾ, ಪದವಿ, ಸ್ನಾತಕೋತ್ತರ ಪದವಿ ಹಾಗೂ ವೃತ್ತಿಪರ ಕೋರ್ಸ್‌ಗಳಲ್ಲಿ ವ್ಯಾಸಂಗ ಮಾಡುತ್ತಿರುವ ವಿದ್ಯಾರ್ಥಿಗಳು ಅರ್ಜಿ ಸಲ್ಲಿಸಬಹುದು. ವಿದ್ಯಾರ್ಥಿ ನಿಲಯದ ಪ್ರವೇಶಕ್ಕೆ ಸಂಬಂಧಿಸಿದ ವಿದ್ಯಾರ್ಥಿ ನಿಲಯಗಳ ವಿವರ ಹಾಗೂ ನಿಯಮಗಳ ಮಾಹಿತಿ ಇಲಾಖೆಯ ವೆಬ್‌ಸೈಟ್
www.bcwd.karnataka.gov.in
ನಲ್ಲಿ ಲಭ್ಯವಿದೆ. ಅರ್ಜಿ ಸಲ್ಲಿಸಲು ತಾಂತ್ರಿಕ ತೊಂದರೆಗಳಾದಲ್ಲಿ
bcwdhelpline@gmail.com
ಗೆ ಇ-ಮೇಲ್ ಮೂಲಕ ಸಂಪರ್ಕಿಸಬಹುದು ಅಥವಾ ತಾಲೂಕು ಕಚೇರಿಗೆ ಭೇಟಿ ನೀಡಬಹುದು ಎಂದು ಹಿಂದುಳಿದ ವರ್ಗಗಳ ಕಲ್ಯಾಣಾಧಿಕಾರಿ ಪ್ರಕಟಣೆಯಲ್ಲಿ ತಿಳಿಸಿದ್ದಾರೆ.
ಪ್ರಮಾಣ ಪತ್ರ
ನಾನು ಕೋಂ. ಗಂಡ: ಸಂಜು ನಗರಿ ವಯಸ್ಸು 38 ವರ್ಷ, ವಾಸ: ಕೊಪ್ಪಳ, ಕೊಪ್ಪಳ ಜಿಲ್ಲೆ ನಿವಾಸಿಯಾದ ನಾನು ನನ್ನ ಮಗಳ ಪ್ರಮಾಣಪತ್ರದಲ್ಲಿರುವ ದಿ.16-08-2021 ರಂದು ನೋಂದಣಿಯಾದ ಜನನ ಪ್ರಮಾಣ ಪತ್ರದಲ್ಲಿ ತಾಯಿಯ ಹೆಸರು ತಪ್ಪಾಗಿ ನಮೂದಾಗಿದ್ದು, ಅದನ್ನು ಸರಿಪಡಿಸಲು ಪ್ರಮಾಣೀಕರಿಸುತ್ತೇನೆ. ನಾನು ಇದರಲ್ಲಿರುವ ಎಲ್ಲಾ ವಿಷಯಗಳು ಸತ್ಯವೆಂದು ಪ್ರಮಾಣೀಕರಿಸುತ್ತೇನೆ.
ನೋಟರಿ ಹಿ.ಮಾಮರಾವ್ ಇವರ ಸಮಕ್ಷಮದಲ್ಲಿ ಸಹಿ ಮಾಡಿರುತ್ತಾರೆ. ದಿನಾಂಕ:21-05-2025.
OWNER , PUBLISHER & PRINTER K. M. REKHA PUBLISHED AT HOSPET TIMES, APOORVA OFFSET PRINTERS , SACHIDANAND LANE , MAIN BAZAR , HOSAPETE , BALLARI & PRINTED AT APOORVA OFFSET PRINTERS ,
SACHIDANAND LANE , MAIN BAZAR , HOSAPETE , BALLARI , EDITOR K. M. REKHA. EMAIL : hospettimes@gmail.com, Mob No 94484 41484.
